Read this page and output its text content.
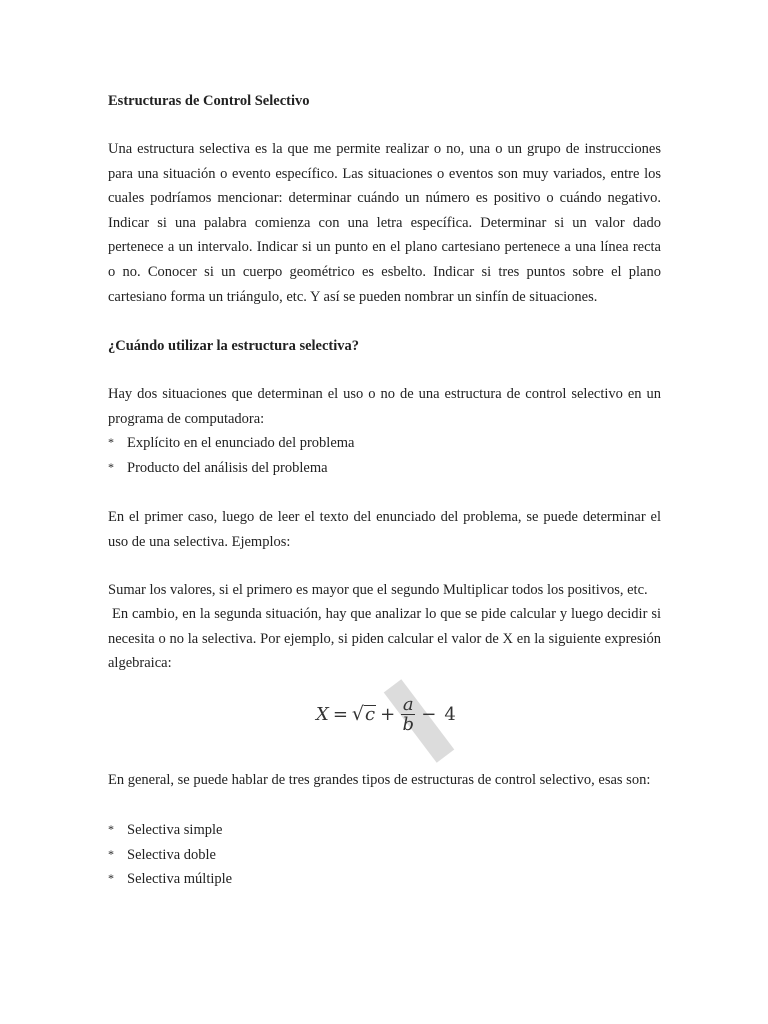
Estructuras de Control Selectivo

Una estructura selectiva es la que me permite realizar o no, una o un grupo de instrucciones para una situación o evento específico. Las situaciones o eventos son muy variados, entre los cuales podríamos mencionar: determinar cuándo un número es positivo o cuándo negativo. Indicar si una palabra comienza con una letra específica. Determinar si un valor dado pertenece a un intervalo. Indicar si un punto en el plano cartesiano pertenece a una línea recta o no. Conocer si un cuerpo geométrico es esbelto. Indicar si tres puntos sobre el plano cartesiano forma un triángulo, etc. Y así se pueden nombrar un sinfín de situaciones.

¿Cuándo utilizar la estructura selectiva?

Hay dos situaciones que determinan el uso o no de una estructura de control selectivo en un programa de computadora:

* Explícito en el enunciado del problema
* Producto del análisis del problema

En el primer caso, luego de leer el texto del enunciado del problema, se puede determinar el uso de una selectiva. Ejemplos:

Sumar los valores, si el primero es mayor que el segundo Multiplicar todos los positivos, etc.

En cambio, en la segunda situación, hay que analizar lo que se pide calcular y luego decidir si necesita o no la selectiva. Por ejemplo, si piden calcular el valor de X en la siguiente expresión algebraica:

X = √ $c + \frac{a}{b} - 4$

En general, se puede hablar de tres grandes tipos de estructuras de control selectivo, esas son:

* Selectiva simple
* Selectiva doble
* Selectiva múltiple
